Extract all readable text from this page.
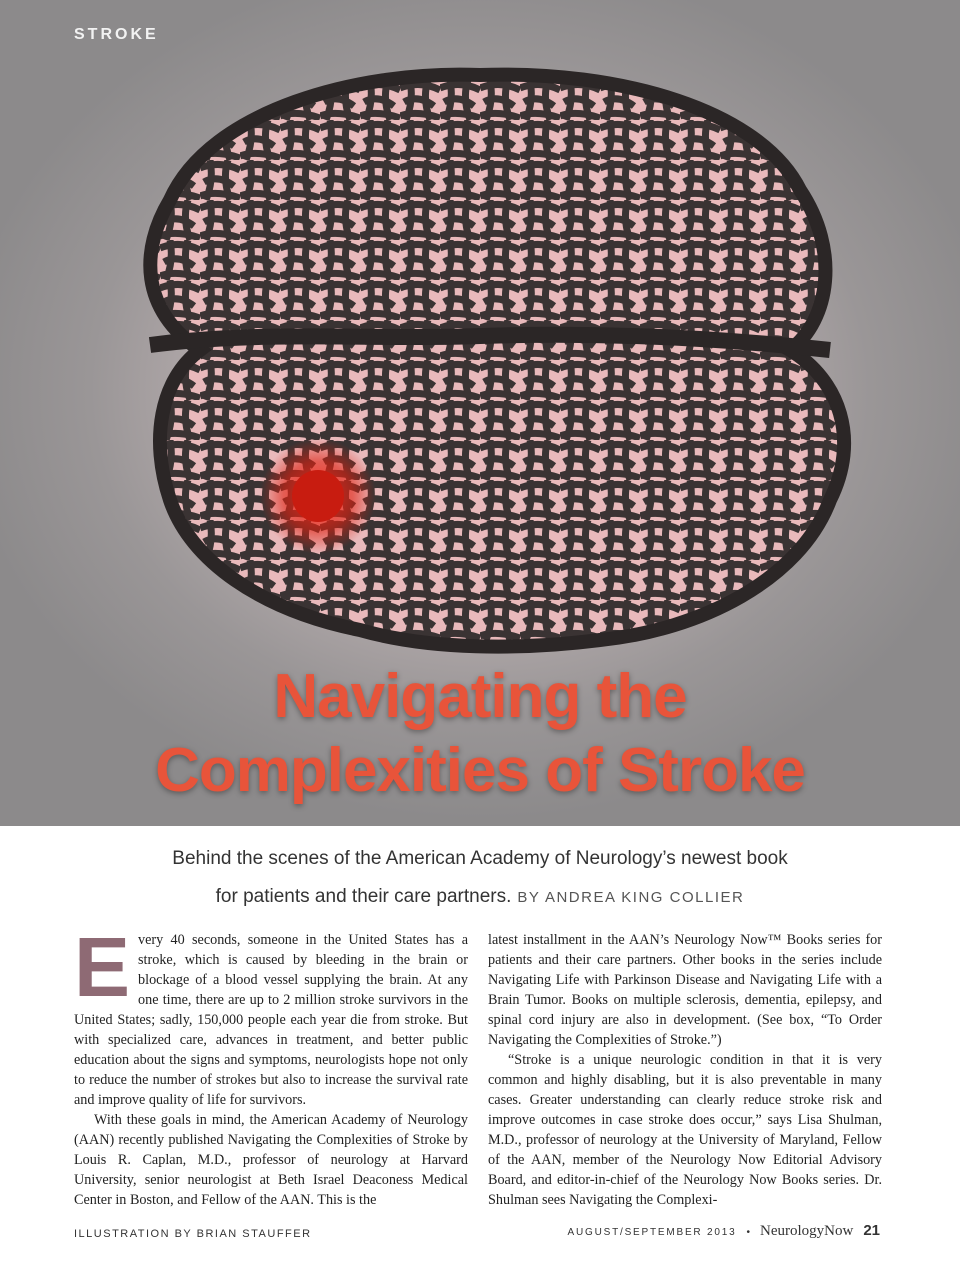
STROKE
Navigating the
Complexities of Stroke
Behind the scenes of the American Academy of Neurology’s newest book
for patients and their care partners. BY ANDREA KING COLLIER
E very 40 seconds, someone in the United States has a stroke, which is caused by bleeding in the brain or blockage of a blood vessel supplying the brain. At any one time, there are up to 2 million stroke survivors in the United States; sadly, 150,000 people each year die from stroke. But with specialized care, advances in treatment, and better public education about the signs and symptoms, neurologists hope not only to reduce the number of strokes but also to increase the survival rate and improve quality of life for survivors.

With these goals in mind, the American Academy of Neurology (AAN) recently published Navigating the Complexities of Stroke by Louis R. Caplan, M.D., professor of neurology at Harvard University, senior neurologist at Beth Israel Deaconess Medical Center in Boston, and Fellow of the AAN. This is the

latest installment in the AAN’s Neurology Now™ Books series for patients and their care partners. Other books in the series include Navigating Life with Parkinson Disease and Navigating Life with a Brain Tumor. Books on multiple sclerosis, dementia, epilepsy, and spinal cord injury are also in development. (See box, “To Order Navigating the Complexities of Stroke.”)

“Stroke is a unique neurologic condition in that it is very common and highly disabling, but it is also preventable in many cases. Greater understanding can clearly reduce stroke risk and improve outcomes in case stroke does occur,” says Lisa Shulman, M.D., professor of neurology at the University of Maryland, Fellow of the AAN, member of the Neurology Now Editorial Advisory Board, and editor-in-chief of the Neurology Now Books series. Dr. Shulman sees Navigating the Complexi-

ILLUSTRATION BY BRIAN STAUFFER	AUGUST/SEPTEMBER 2013 • NeurologyNow 21
